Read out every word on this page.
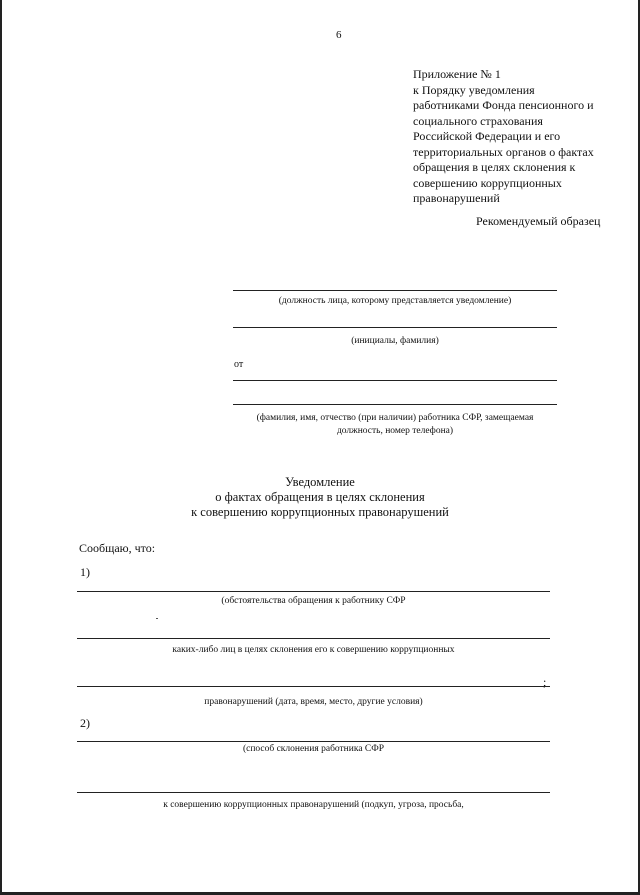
6
Приложение № 1
к Порядку уведомления
работниками Фонда пенсионного и
социального страхования
Российской Федерации и его
территориальных органов о фактах
обращения в целях склонения к
совершению коррупционных
правонарушений
Рекомендуемый образец
(должность лица, которому представляется уведомление)
(инициалы, фамилия)
от
(фамилия, имя, отчество (при наличии) работника СФР, замещаемая
должность, номер телефона)
Уведомление
о фактах обращения в целях склонения
к совершению коррупционных правонарушений
Сообщаю, что:
1)
(обстоятельства обращения к работнику СФР
каких-либо лиц в целях склонения его к совершению коррупционных
;
правонарушений (дата, время, место, другие условия)
2)
(способ склонения работника СФР
к совершению коррупционных правонарушений (подкуп, угроза, просьба,
